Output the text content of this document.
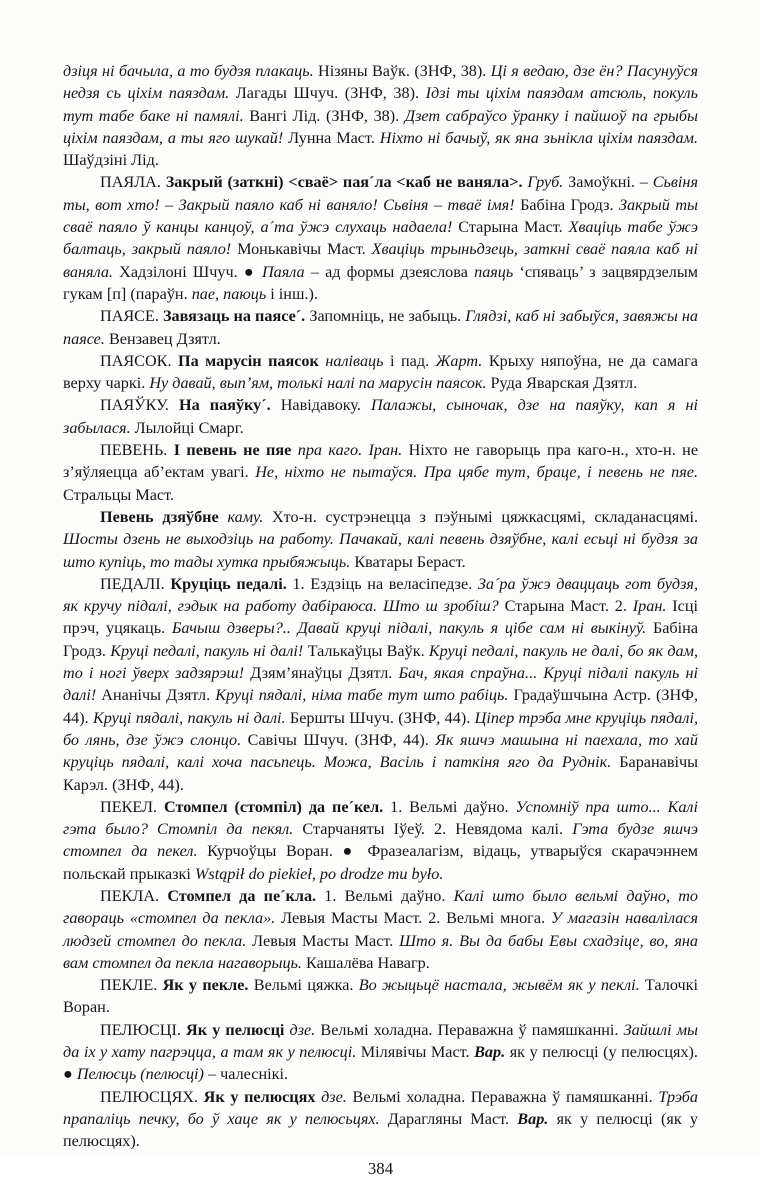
дзіця ні бачыла, а то будзя плакаць. Нізяны Ваўк. (ЗНФ, 38). Ці я ведаю, дзе ён? Пасунуўся недзя сь ціхім паяздам. Лагады Шчуч. (ЗНФ, 38). Ідзі ты ціхім паяздам атсюль, покуль тут табе баке ні памялі. Вангі Лід. (ЗНФ, 38). Дзет сабраўсо ўранку і пайшоў па грыбы ціхім паяздам, а ты яго шукай! Лунна Маст. Ніхто ні бачыў, як яна зьнікла ціхім паяздам. Шаўдзіні Лід.

ПАЯЛА. Закрый (заткні) <сваё> пая´ла <каб не ваняла>. Груб. Замоўкні. – Сьвіня ты, вот хто! – Закрый паяло каб ні ваняло! Сьвіня – тваё імя! Бабіна Гродз. Закрый ты сваё паяло ў канцы канцоў, а´та ўжэ слухаць надаела! Старына Маст. Хваціць табе ўжэ балтаць, закрый паяло! Монькавічы Маст. Хваціць трыньдзець, заткні сваё паяла каб ні ваняла. Хадзілоні Шчуч. ● Паяла – ад формы дзеяслова паяць ‘спяваць’ з зацвярдзелым гукам [п] (параўн. пае, паюць і інш.).

ПАЯСЕ. Завязаць на паясе´. Запомніць, не забыць. Глядзі, каб ні забыўся, завяжы на паясе. Вензавец Дзятл.

ПАЯСОК. Па марусін паясок наліваць і пад. Жарт. Крыху няпоўна, не да самага верху чаркі. Ну давай, вып’ям, толькі налі па марусін паясок. Руда Яварская Дзятл.

ПАЯЎКУ. На паяўку´. Навідавоку. Палажы, сыночак, дзе на паяўку, кап я ні забылася. Лылойці Смарг.

ПЕВЕНЬ. І певень не пяе пра каго. Іран. Ніхто не гаворыць пра каго-н., хто-н. не з’яўляецца аб’ектам увагі. Не, ніхто не пытаўся. Пра цябе тут, браце, і певень не пяе. Стральцы Маст.

Певень дзяўбне каму. Хто-н. сустрэнецца з пэўнымі цяжкасцямі, складанасцямі. Шосты дзень не выходзіць на работу. Пачакай, калі певень дзяўбне, калі есьці ні будзя за што купіць, то тады хутка прыбяжыць. Кватары Бераст.

ПЕДАЛІ. Круціць педалі. 1. Ездзіць на веласіпедзе. За´ра ўжэ дваццаць гот будзя, як кручу підалі, гэдык на работу дабіраюса. Што ш зробіш? Старына Маст. 2. Іран. Ісці прэч, уцякаць. Бачыш дзверы?.. Давай круці підалі, пакуль я цібе сам ні выкінуў. Бабіна Гродз. Круці педалі, пакуль ні далі! Талькаўцы Ваўк. Круці педалі, пакуль не далі, бо як дам, то і ногі ўверх задзярэш! Дзям’янаўцы Дзятл. Бач, якая спраўна... Круці підалі пакуль ні далі! Ананічы Дзятл. Круці пядалі, німа табе тут што рабіць. Градаўшчына Астр. (ЗНФ, 44). Круці пядалі, пакуль ні далі. Бершты Шчуч. (ЗНФ, 44). Ціпер трэба мне круціць пядалі, бо лянь, дзе ўжэ слонцо. Савічы Шчуч. (ЗНФ, 44). Як яшчэ машына ні паехала, то хай круціць пядалі, калі хоча пасьпець. Можа, Васіль і паткіня яго да Руднік. Баранавічы Карэл. (ЗНФ, 44).

ПЕКЕЛ. Стомпел (стомпіл) да пе´кел. 1. Вельмі даўно. Успомніў пра што... Калі гэта было? Стомпіл да пекял. Старчаняты Іўеў. 2. Невядома калі. Гэта будзе яшчэ стомпел да пекел. Курчоўцы Воран. ● Фразеалагізм, відаць, утварыўся скарачэннем польскай прыказкі Wstąpił do piekieł, po drodze mu było.

ПЕКЛА. Стомпел да пе´кла. 1. Вельмі даўно. Калі што было вельмі даўно, то гавораць «стомпел да пекла». Левыя Масты Маст. 2. Вельмі многа. У магазін навалілася людзей стомпел до пекла. Левыя Масты Маст. Што я. Вы да бабы Евы схадзіце, во, яна вам стомпел да пекла нагаворыць. Кашалёва Навагр.

ПЕКЛЕ. Як у пекле. Вельмі цяжка. Во жыцьцё настала, жывём як у пеклі. Талочкі Воран.

ПЕЛЮСЦІ. Як у пелюсці дзе. Вельмі холадна. Пераважна ў памяшканні. Зайшлі мы да іх у хату пагрэцца, а там як у пелюсці. Мілявічы Маст. Вар. як у пелюсці (у пелюсцях). ● Пелюсць (пелюсці) – чалеснікі.

ПЕЛЮСЦЯХ. Як у пелюсцях дзе. Вельмі холадна. Пераважна ў памяшканні. Трэба прапаліць печку, бо ў хаце як у пелюсьцях. Дарагляны Маст. Вар. як у пелюсці (як у пелюсцях).

384
